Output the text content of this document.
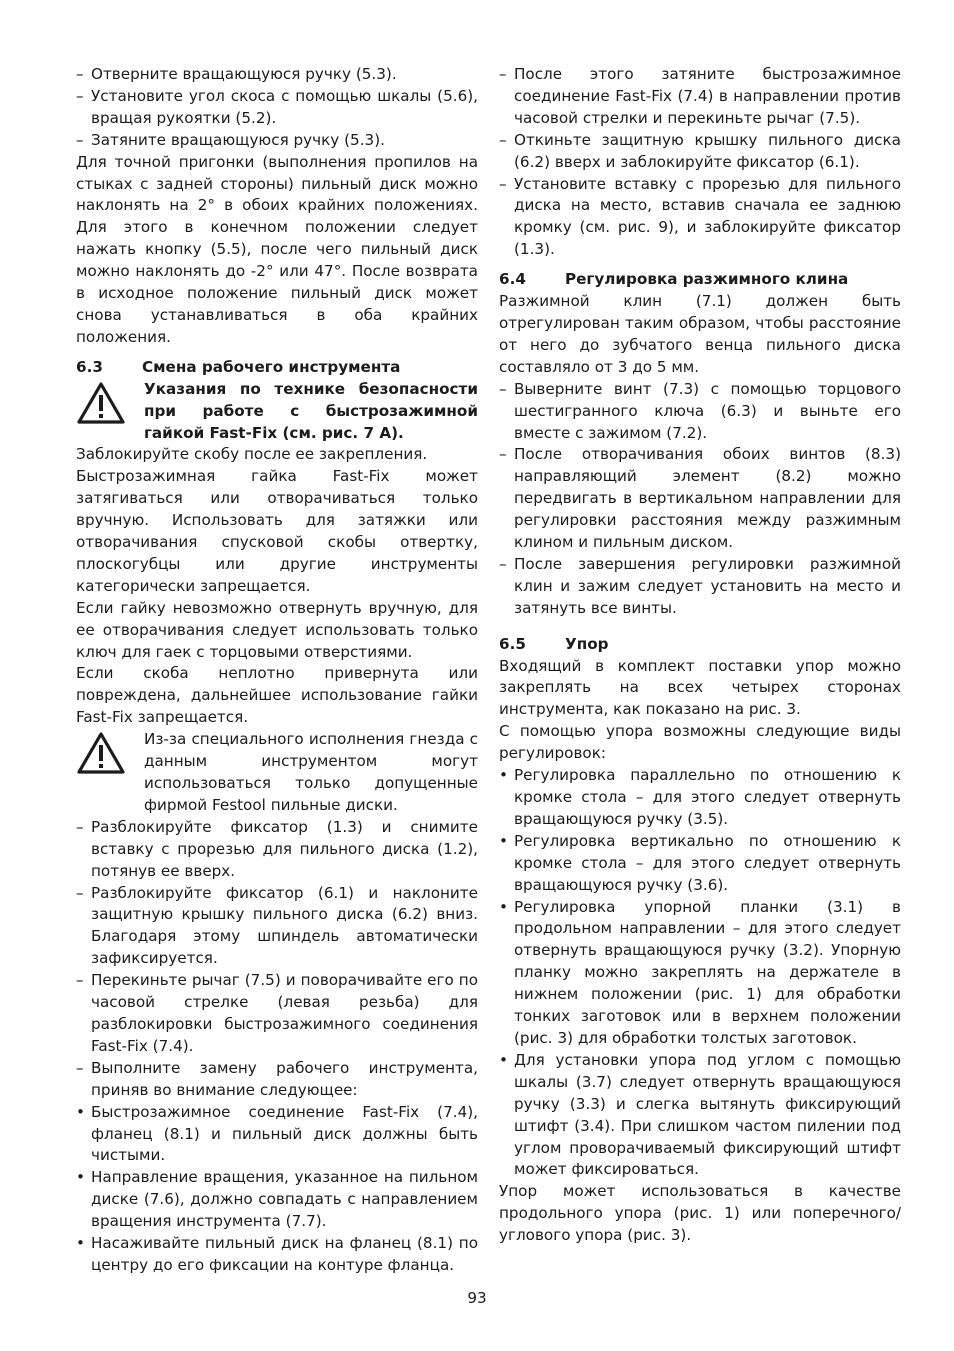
– Отверните вращающуюся ручку (5.3).
– Установите угол скоса с помощью шкалы (5.6), вращая рукоятки (5.2).
– Затяните вращающуюся ручку (5.3).

Для точной пригонки (выполнения пропилов на стыках с задней стороны) пильный диск можно наклонять на 2° в обоих крайних положениях. Для этого в конечном положении следует нажать кнопку (5.5), после чего пильный диск можно наклонять до -2° или 47°. После возврата в исходное положение пильный диск может снова устанавливаться в оба крайних положения.

6.3	Смена рабочего инструмента
Указания по технике безопасности при работе с быстрозажимной гайкой Fast-Fix (см. рис. 7 A).

Заблокируйте скобу после ее закрепления.

Быстрозажимная гайка Fast-Fix может затягиваться или отворачиваться только вручную. Использовать для затяжки или отворачивания спусковой скобы отвертку, плоскогубцы или другие инструменты категорически запрещается.

Если гайку невозможно отвернуть вручную, для ее отворачивания следует использовать только ключ для гаек с торцовыми отверстиями.

Если скоба неплотно привернута или повреждена, дальнейшее использование гайки Fast-Fix запрещается.

Из-за специального исполнения гнезда с данным инструментом могут использоваться только допущенные фирмой Festool пильные диски.
– Разблокируйте фиксатор (1.3) и снимите вставку с прорезью для пильного диска (1.2), потянув ее вверх.
– Разблокируйте фиксатор (6.1) и наклоните защитную крышку пильного диска (6.2) вниз. Благодаря этому шпиндель автоматически зафиксируется.
– Перекиньте рычаг (7.5) и поворачивайте его по часовой стрелке (левая резьба) для разблокировки быстрозажимного соединения Fast-Fix (7.4).
– Выполните замену рабочего инструмента, приняв во внимание следующее:
• Быстрозажимное соединение Fast-Fix (7.4), фланец (8.1) и пильный диск должны быть чистыми.
• Направление вращения, указанное на пильном диске (7.6), должно совпадать с направлением вращения инструмента (7.7).
• Насаживайте пильный диск на фланец (8.1) по центру до его фиксации на контуре фланца.
– После этого затяните быстрозажимное соединение Fast-Fix (7.4) в направлении против часовой стрелки и перекиньте рычаг (7.5).
– Откиньте защитную крышку пильного диска (6.2) вверх и заблокируйте фиксатор (6.1).
– Установите вставку с прорезью для пильного диска на место, вставив сначала ее заднюю кромку (см. рис. 9), и заблокируйте фиксатор (1.3).
6.4	Регулировка разжимного клина

Разжимной клин (7.1) должен быть отрегулирован таким образом, чтобы расстояние от него до зубчатого венца пильного диска составляло от 3 до 5 мм.

– Выверните винт (7.3) с помощью торцового шестигранного ключа (6.3) и выньте его вместе с зажимом (7.2).
– После отворачивания обоих винтов (8.3) направляющий элемент (8.2) можно передвигать в вертикальном направлении для регулировки расстояния между разжимным клином и пильным диском.
– После завершения регулировки разжимной клин и зажим следует установить на место и затянуть все винты.
6.5	Упор

Входящий в комплект поставки упор можно закреплять на всех четырех сторонах инструмента, как показано на рис. 3.

С помощью упора возможны следующие виды регулировок:

• Регулировка параллельно по отношению к кромке стола – для этого следует отвернуть вращающуюся ручку (3.5).
• Регулировка вертикально по отношению к кромке стола – для этого следует отвернуть вращающуюся ручку (3.6).
• Регулировка упорной планки (3.1) в продольном направлении – для этого следует отвернуть вращающуюся ручку (3.2). Упорную планку можно закреплять на держателе в нижнем положении (рис. 1) для обработки тонких заготовок или в верхнем положении (рис. 3) для обработки толстых заготовок.
• Для установки упора под углом с помощью шкалы (3.7) следует отвернуть вращающуюся ручку (3.3) и слегка вытянуть фиксирующий штифт (3.4). При слишком частом пилении под углом проворачиваемый фиксирующий штифт может фиксироваться.

Упор может использоваться в качестве продольного упора (рис. 1) или поперечного/углового упора (рис. 3).

93
